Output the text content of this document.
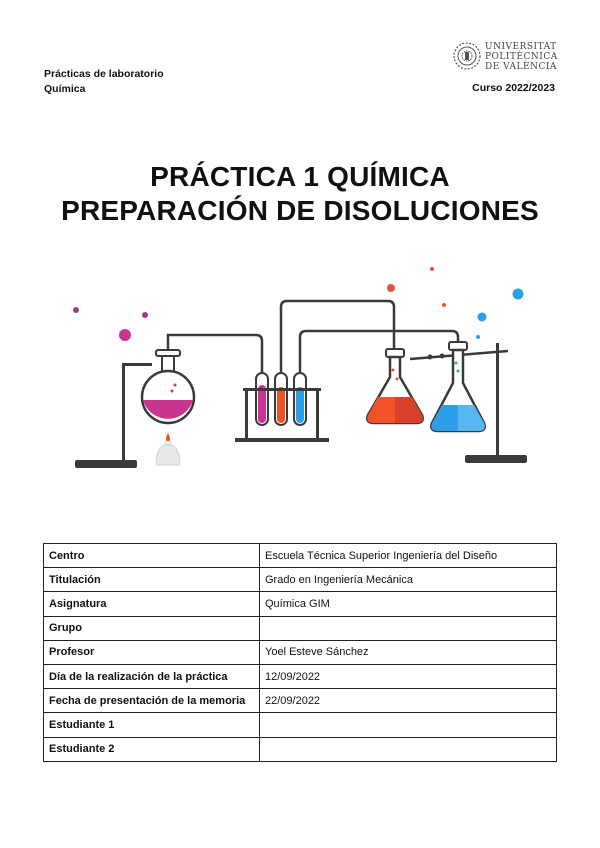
Prácticas de laboratorio
Química	Curso 2022/2023
UNIVERSITAT
POLITÈCNICA
DE VALÈNCIA
PRÁCTICA 1 QUÍMICA
PREPARACIÓN DE DISOLUCIONES
Centro	Escuela Técnica Superior Ingeniería del Diseño
Titulación	Grado en Ingeniería Mecánica
Asignatura	Química GIM
Grupo	
Profesor	Yoel Esteve Sánchez
Día de la realización de la práctica	12/09/2022
Fecha de presentación de la memoria	22/09/2022
Estudiante 1	
Estudiante 2	
